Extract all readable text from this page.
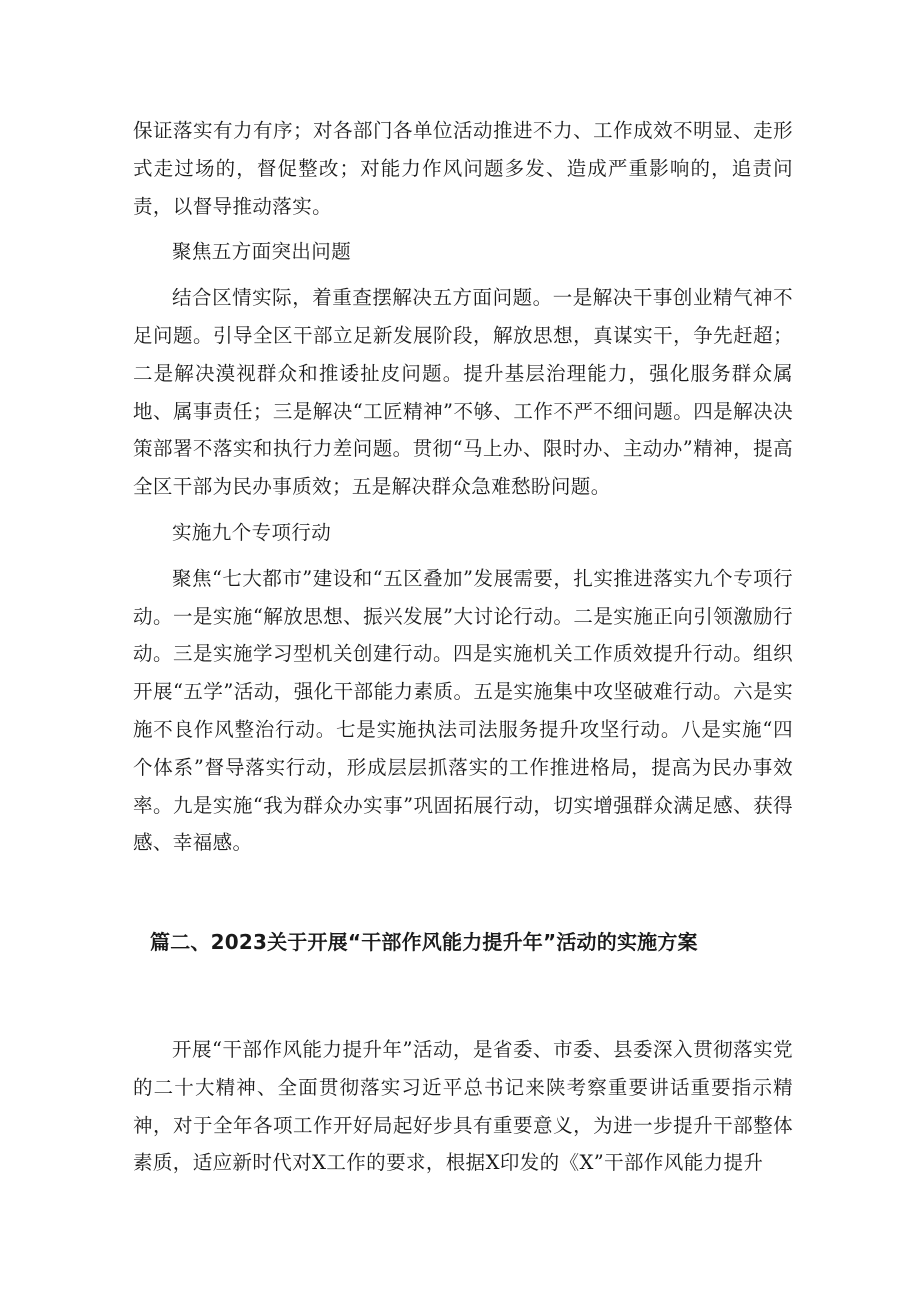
保证落实有力有序；对各部门各单位活动推进不力、工作成效不明显、走形式走过场的，督促整改；对能力作风问题多发、造成严重影响的，追责问责，以督导推动落实。

聚焦五方面突出问题

结合区情实际，着重查摆解决五方面问题。一是解决干事创业精气神不足问题。引导全区干部立足新发展阶段，解放思想，真谋实干，争先赶超；二是解决漠视群众和推诿扯皮问题。提升基层治理能力，强化服务群众属地、属事责任；三是解决“工匠精神”不够、工作不严不细问题。四是解决决策部署不落实和执行力差问题。贯彻“马上办、限时办、主动办”精神，提高全区干部为民办事质效；五是解决群众急难愁盼问题。

实施九个专项行动

聚焦“七大都市”建设和“五区叠加”发展需要，扎实推进落实九个专项行动。一是实施“解放思想、振兴发展”大讨论行动。二是实施正向引领激励行动。三是实施学习型机关创建行动。四是实施机关工作质效提升行动。组织开展“五学”活动，强化干部能力素质。五是实施集中攻坚破难行动。六是实施不良作风整治行动。七是实施执法司法服务提升攻坚行动。八是实施“四个体系”督导落实行动，形成层层抓落实的工作推进格局，提高为民办事效率。九是实施“我为群众办实事”巩固拓展行动，切实增强群众满足感、获得感、幸福感。

篇二、2023关于开展“干部作风能力提升年”活动的实施方案

开展“干部作风能力提升年”活动，是省委、市委、县委深入贯彻落实党的二十大精神、全面贯彻落实习近平总书记来陕考察重要讲话重要指示精神，对于全年各项工作开好局起好步具有重要意义，为进一步提升干部整体素质，适应新时代对X工作的要求，根据X印发的《X”干部作风能力提升
